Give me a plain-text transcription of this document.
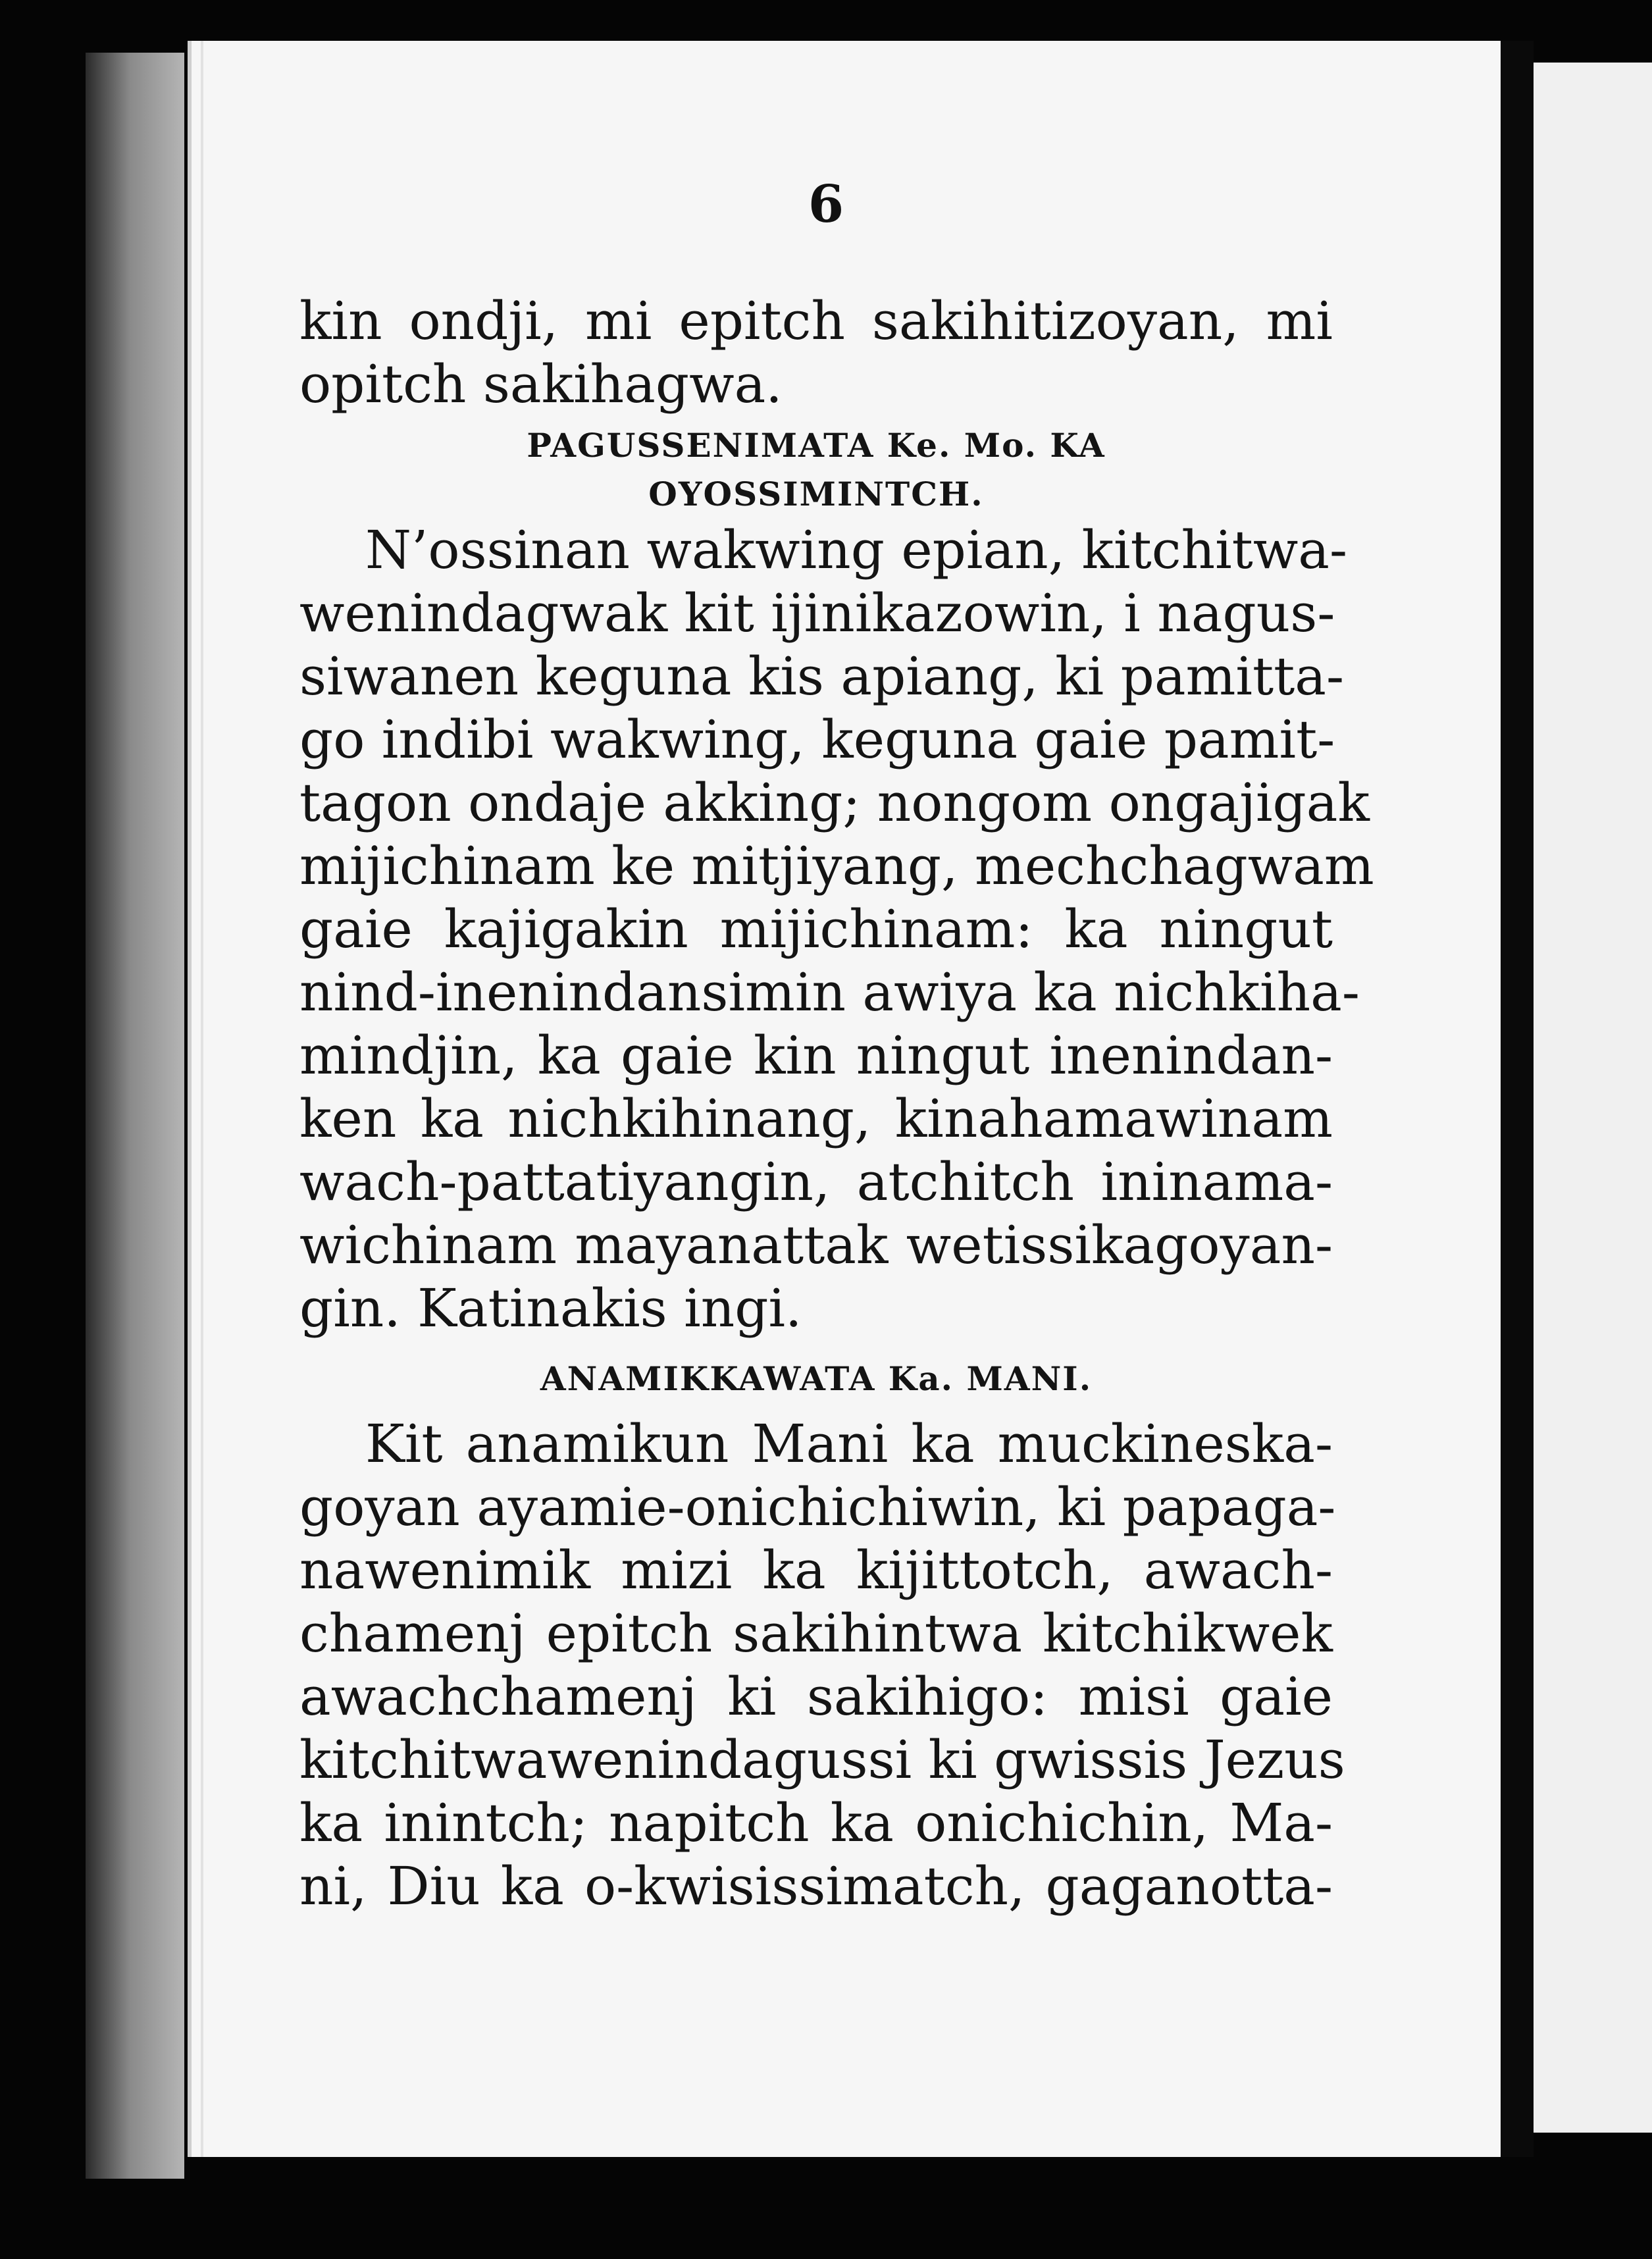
6
kin ondji, mi epitch sakihitizoyan, mi
opitch sakihagwa.
PAGUSSENIMATA Ke. Mo. KA
OYOSSIMINTCH.
N’ossinan wakwing epian, kitchitwa-
wenindagwak kit ijinikazowin, i nagus-
siwanen keguna kis apiang, ki pamitta-
go indibi wakwing, keguna gaie pamit-
tagon ondaje akking; nongom ongajigak
mijichinam ke mitjiyang, mechchagwam
gaie kajigakin mijichinam: ka ningut
nind-inenindansimin awiya ka nichkiha-
mindjin, ka gaie kin ningut inenindan-
ken ka nichkihinang, kinahamawinam
wach-pattatiyangin, atchitch ininama-
wichinam mayanattak wetissikagoyan-
gin. Katinakis ingi.
ANAMIKKAWATA Ka. MANI.
Kit anamikun Mani ka muckineska-
goyan ayamie-onichichiwin, ki papaga-
nawenimik mizi ka kijittotch, awach-
chamenj epitch sakihintwa kitchikwek
awachchamenj ki sakihigo: misi gaie
kitchitwawenindagussi ki gwissis Jezus
ka inintch; napitch ka onichichin, Ma-
ni, Diu ka o-kwisissimatch, gaganotta-
